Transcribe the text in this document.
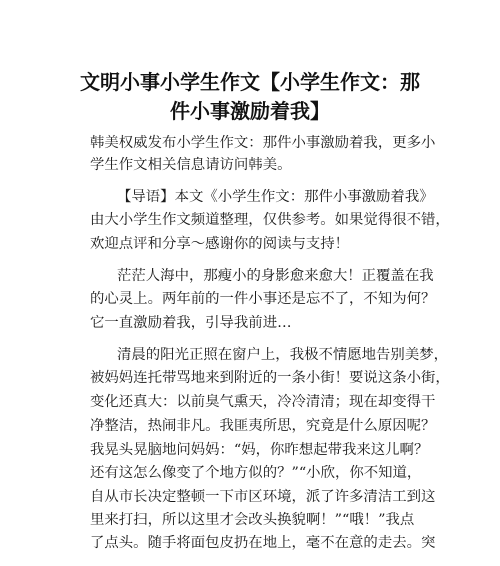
文明小事小学生作文【小学生作文：那
件小事激励着我】

韩美权威发布小学生作文：那件小事激励着我，更多小

学生作文相关信息请访问韩美。

【导语】本文《小学生作文：那件小事激励着我》

由大小学生作文频道整理，仅供参考。如果觉得很不错，

欢迎点评和分享～感谢你的阅读与支持！

茫茫人海中，那瘦小的身影愈来愈大！正覆盖在我

的心灵上。两年前的一件小事还是忘不了，不知为何？

它一直激励着我，引导我前进…

清晨的阳光正照在窗户上，我极不情愿地告别美梦，

被妈妈连托带骂地来到附近的一条小街！要说这条小街，

变化还真大：以前臭气熏天，冷冷清清；现在却变得干

净整洁，热闹非凡。我匪夷所思，究竟是什么原因呢？

我晃头晃脑地问妈妈：“妈，你昨想起带我来这儿啊？

还有这怎么像变了个地方似的？”“小欣，你不知道，

自从市长决定整顿一下市区环境，派了许多清洁工到这

里来打扫，所以这里才会改头换貌啊！”“哦！”我点

了点头。随手将面包皮扔在地上，毫不在意的走去。突
